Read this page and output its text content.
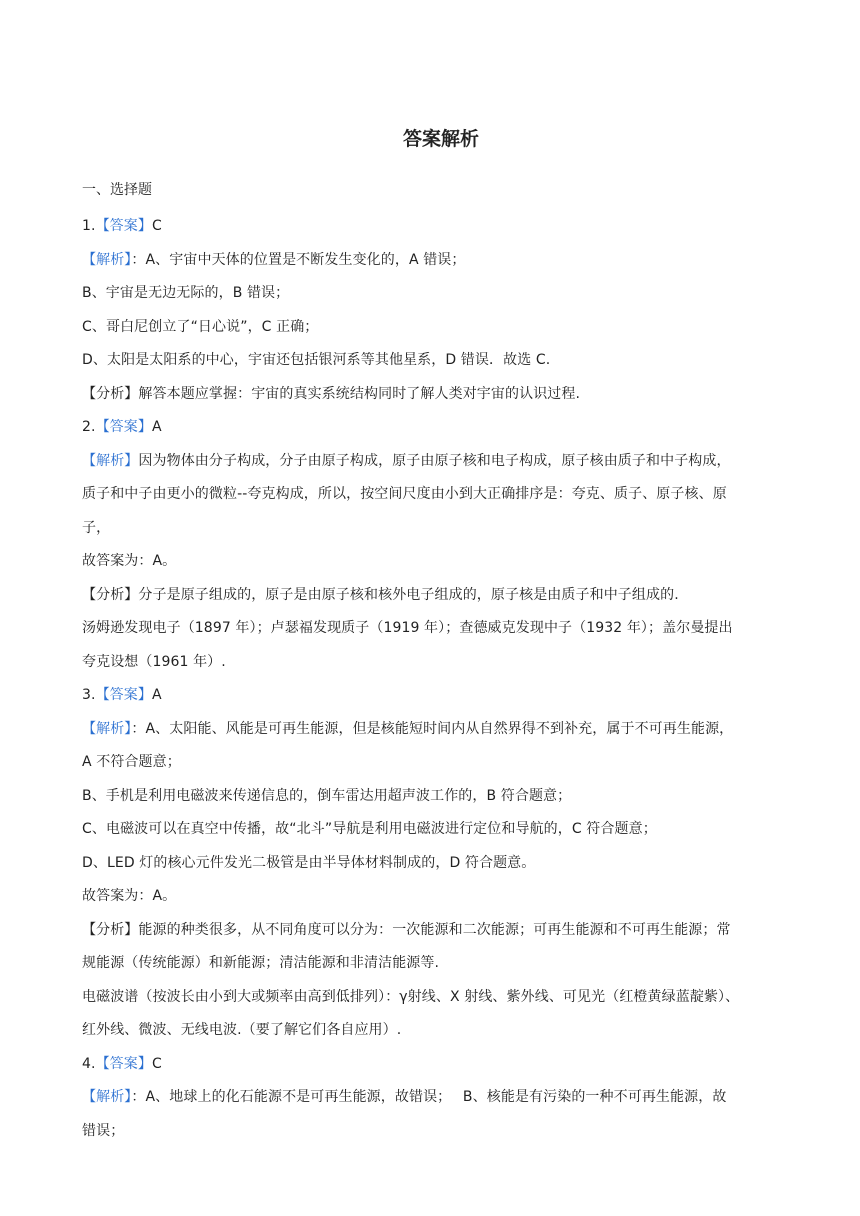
答案解析
一、选择题

1.【答案】C

【解析】：A、宇宙中天体的位置是不断发生变化的，A 错误；

B、宇宙是无边无际的，B 错误；

C、哥白尼创立了“日心说”，C 正确；

D、太阳是太阳系的中心，宇宙还包括银河系等其他星系，D 错误．故选 C.

【分析】解答本题应掌握：宇宙的真实系统结构同时了解人类对宇宙的认识过程.

2.【答案】A

【解析】因为物体由分子构成，分子由原子构成，原子由原子核和电子构成，原子核由质子和中子构成，

质子和中子由更小的微粒--夸克构成，所以，按空间尺度由小到大正确排序是：夸克、质子、原子核、原

子，

故答案为：A。

【分析】分子是原子组成的，原子是由原子核和核外电子组成的，原子核是由质子和中子组成的.

汤姆逊发现电子（1897 年）；卢瑟福发现质子（1919 年）；查德威克发现中子（1932 年）；盖尔曼提出

夸克设想（1961 年）.

3.【答案】A

【解析】：A、太阳能、风能是可再生能源，但是核能短时间内从自然界得不到补充，属于不可再生能源，

A 不符合题意；

B、手机是利用电磁波来传递信息的，倒车雷达用超声波工作的，B 符合题意；

C、电磁波可以在真空中传播，故“北斗”导航是利用电磁波进行定位和导航的，C 符合题意；

D、LED 灯的核心元件发光二极管是由半导体材料制成的，D 符合题意。

故答案为：A。

【分析】能源的种类很多，从不同角度可以分为：一次能源和二次能源；可再生能源和不可再生能源；常

规能源（传统能源）和新能源；清洁能源和非清洁能源等.

电磁波谱（按波长由小到大或频率由高到低排列）：γ射线、X 射线、紫外线、可见光（红橙黄绿蓝靛紫）、

红外线、微波、无线电波.（要了解它们各自应用）.

4.【答案】C

【解析】：A、地球上的化石能源不是可再生能源，故错误；　 B、核能是有污染的一种不可再生能源，故

错误；
